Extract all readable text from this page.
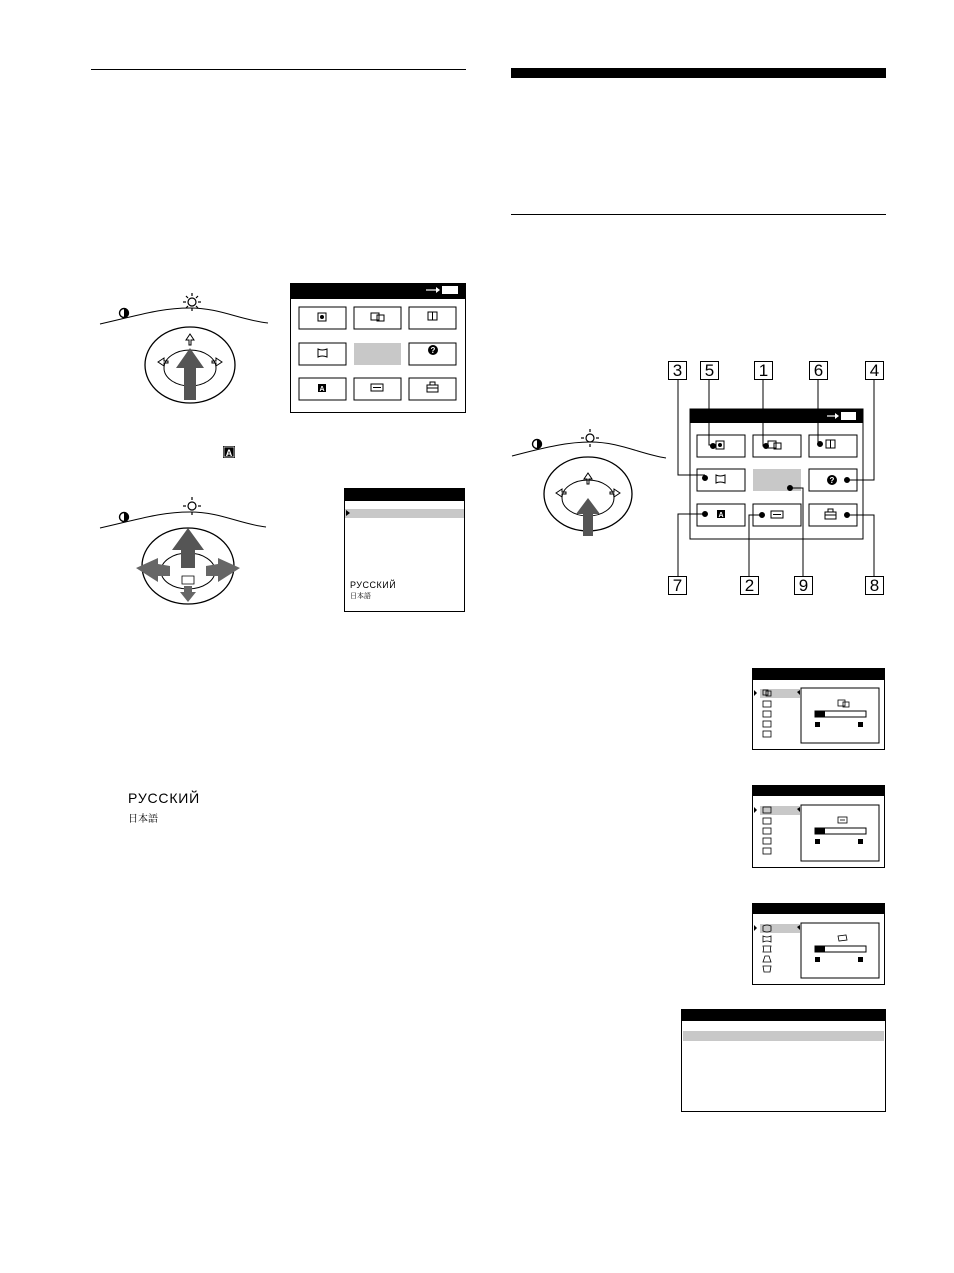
?
A
A
РУССКИЙ
日本語
РУССКИЙ
日本語
3 5	1	6	4
7	2	9	8
?
A
